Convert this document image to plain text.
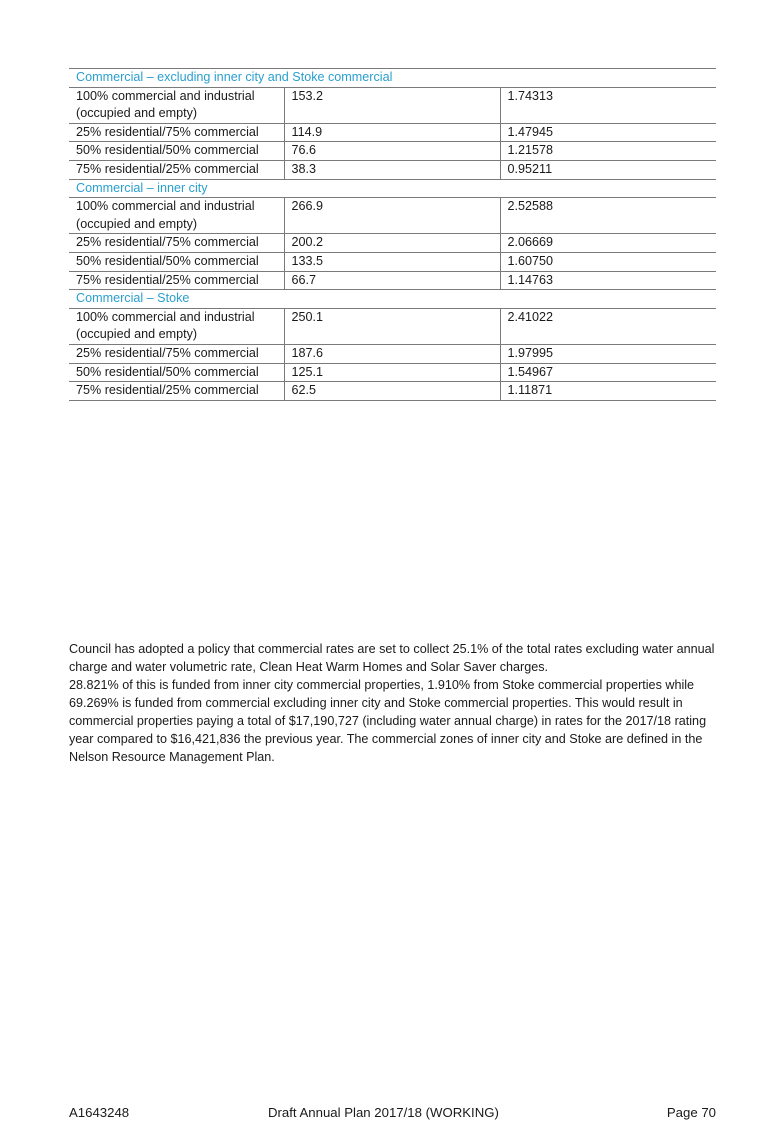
Commercial – excluding inner city and Stoke commercial		
100% commercial and industrial (occupied and empty)	153.2	1.74313
25% residential/75% commercial	114.9	1.47945
50% residential/50% commercial	76.6	1.21578
75% residential/25% commercial	38.3	0.95211
Commercial – inner city		
100% commercial and industrial (occupied and empty)	266.9	2.52588
25% residential/75% commercial	200.2	2.06669
50% residential/50% commercial	133.5	1.60750
75% residential/25% commercial	66.7	1.14763
Commercial – Stoke		
100% commercial and industrial (occupied and empty)	250.1	2.41022
25% residential/75% commercial	187.6	1.97995
50% residential/50% commercial	125.1	1.54967
75% residential/25% commercial	62.5	1.11871
Council has adopted a policy that commercial rates are set to collect 25.1% of the total rates excluding water annual charge and water volumetric rate, Clean Heat Warm Homes and Solar Saver charges.
28.821% of this is funded from inner city commercial properties, 1.910% from Stoke commercial properties while 69.269% is funded from commercial excluding inner city and Stoke commercial properties. This would result in commercial properties paying a total of $17,190,727 (including water annual charge) in rates for the 2017/18 rating year compared to $16,421,836 the previous year. The commercial zones of inner city and Stoke are defined in the Nelson Resource Management Plan.
A1643248	Draft Annual Plan 2017/18 (WORKING)	Page 70
